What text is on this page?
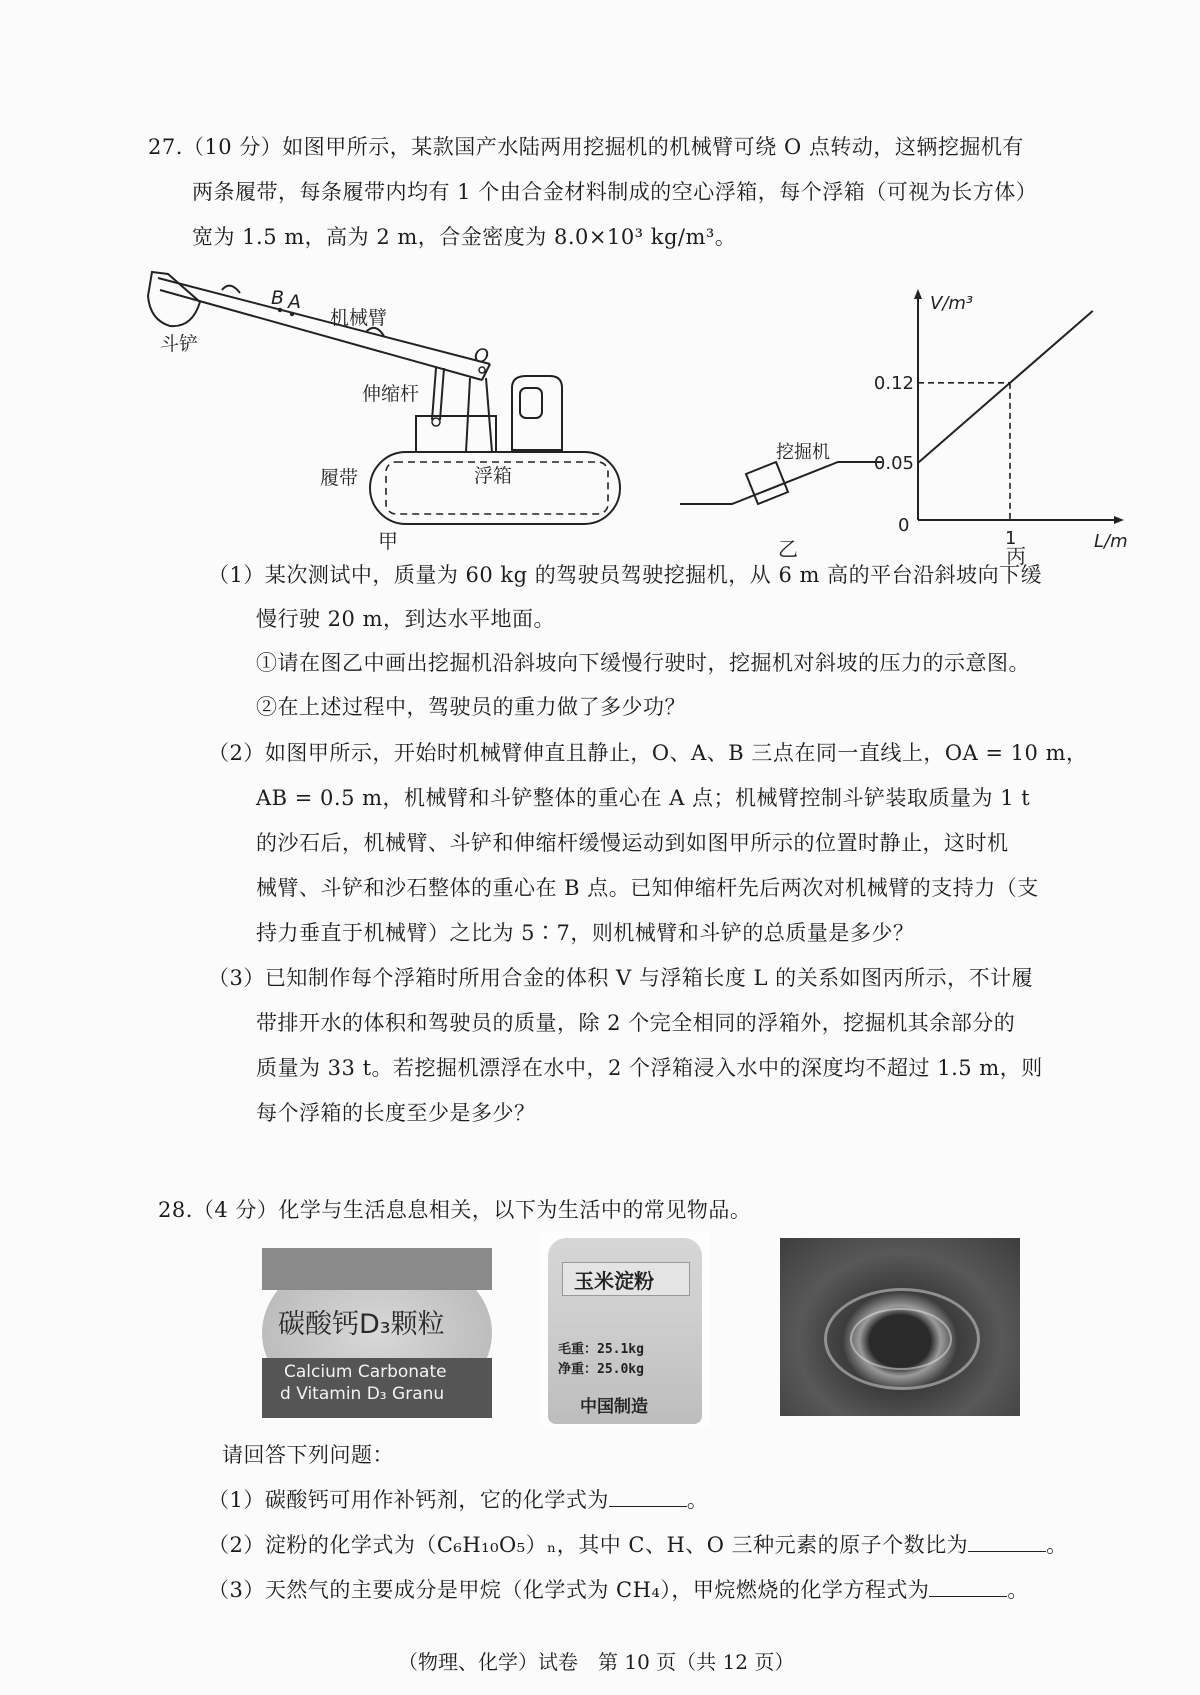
27.（10 分）如图甲所示，某款国产水陆两用挖掘机的机械臂可绕 O 点转动，这辆挖掘机有
两条履带，每条履带内均有 1 个由合金材料制成的空心浮箱，每个浮箱（可视为长方体）
宽为 1.5 m，高为 2 m，合金密度为 8.0×10³ kg/m³。
B A
机械臂
斗铲
O
伸缩杆
浮箱
履带
甲
挖掘机
乙
V/m³
L/m
0
0.05
0.12
1
丙
（1）某次测试中，质量为 60 kg 的驾驶员驾驶挖掘机，从 6 m 高的平台沿斜坡向下缓
慢行驶 20 m，到达水平地面。
①请在图乙中画出挖掘机沿斜坡向下缓慢行驶时，挖掘机对斜坡的压力的示意图。
②在上述过程中，驾驶员的重力做了多少功？
（2）如图甲所示，开始时机械臂伸直且静止，O、A、B 三点在同一直线上，OA = 10 m，
AB = 0.5 m，机械臂和斗铲整体的重心在 A 点；机械臂控制斗铲装取质量为 1 t
的沙石后，机械臂、斗铲和伸缩杆缓慢运动到如图甲所示的位置时静止，这时机
械臂、斗铲和沙石整体的重心在 B 点。已知伸缩杆先后两次对机械臂的支持力（支
持力垂直于机械臂）之比为 5∶7，则机械臂和斗铲的总质量是多少？
（3）已知制作每个浮箱时所用合金的体积 V 与浮箱长度 L 的关系如图丙所示，不计履
带排开水的体积和驾驶员的质量，除 2 个完全相同的浮箱外，挖掘机其余部分的
质量为 33 t。若挖掘机漂浮在水中，2 个浮箱浸入水中的深度均不超过 1.5 m，则
每个浮箱的长度至少是多少？
28.（4 分）化学与生活息息相关，以下为生活中的常见物品。
碳酸钙D₃颗粒
Calcium Carbonate
d Vitamin D₃ Granu
玉米淀粉
毛重：25.1kg
净重：25.0kg
中国制造
请回答下列问题：
（1）碳酸钙可用作补钙剂，它的化学式为	。
（2）淀粉的化学式为（C₆H₁₀O₅）ₙ，其中 C、H、O 三种元素的原子个数比为	。
（3）天然气的主要成分是甲烷（化学式为 CH₄），甲烷燃烧的化学方程式为	。
（物理、化学）试卷　第 10 页（共 12 页）
